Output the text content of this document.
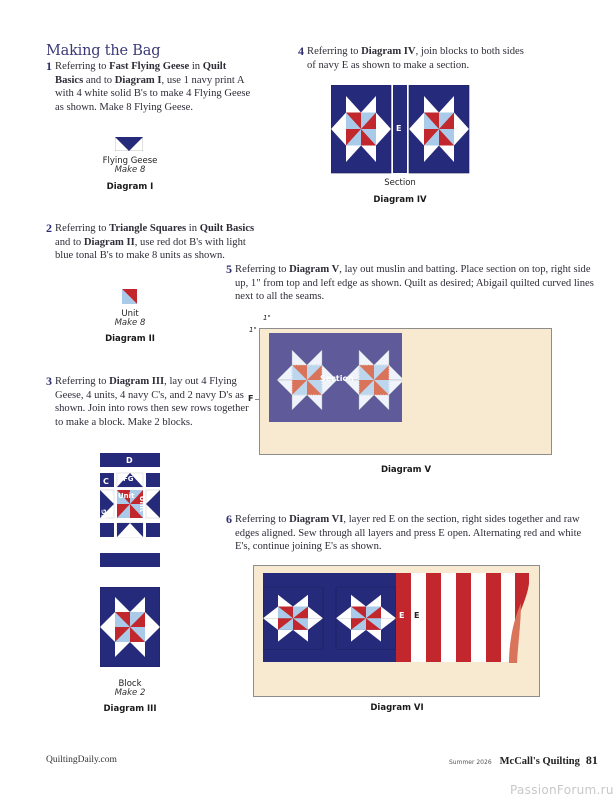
Making the Bag
1 Referring to Fast Flying Geese in Quilt Basics and to Diagram I, use 1 navy print A with 4 white solid B's to make 4 Flying Geese as shown. Make 8 Flying Geese.
Flying Geese
Make 8
Diagram I
2 Referring to Triangle Squares in Quilt Basics and to Diagram II, use red dot B's with light blue tonal B's to make 8 units as shown.
Unit
Make 8
Diagram II
3 Referring to Diagram III, lay out 4 Flying Geese, 4 units, 4 navy C's, and 2 navy D's as shown. Join into rows then sew rows together to make a block. Make 2 blocks.
D
C FG
FG
Unit Unit
Block
Make 2
Diagram III
4 Referring to Diagram IV, join blocks to both sides of navy E as shown to make a section.
E
Section
Diagram IV
5 Referring to Diagram V, lay out muslin and batting. Place section on top, right side up, 1" from top and left edge as shown. Quilt as desired; Abigail quilted curved lines next to all the seams.
1"
1"
Section
F
Diagram V
6 Referring to Diagram VI, layer red E on the section, right sides together and raw edges aligned. Sew through all layers and press E open. Alternating red and white E's, continue joining E's as shown.
E E
Diagram VI
QuiltingDaily.com	Summer 2026 McCall's Quilting 81
PassionForum.ru
